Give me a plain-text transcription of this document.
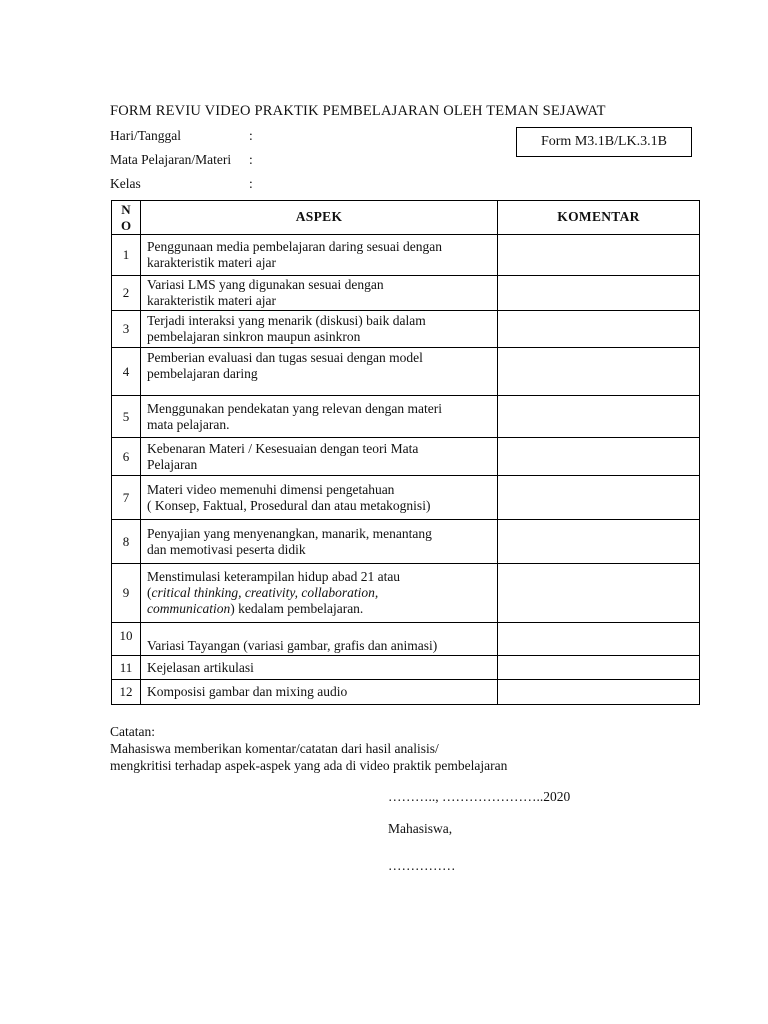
FORM REVIU VIDEO PRAKTIK PEMBELAJARAN OLEH TEMAN SEJAWAT
Hari/Tanggal	:
Mata Pelajaran/Materi :
Kelas	:
Form M3.1B/LK.3.1B
N
O	ASPEK	KOMENTAR
1	Penggunaan media pembelajaran daring sesuai dengan
karakteristik materi ajar	
2	Variasi LMS yang digunakan sesuai dengan
karakteristik materi ajar	
3	Terjadi interaksi yang menarik (diskusi) baik dalam
pembelajaran sinkron maupun asinkron	
4	Pemberian evaluasi dan tugas sesuai dengan model
pembelajaran daring	
5	Menggunakan pendekatan yang relevan dengan materi
mata pelajaran.	
6	Kebenaran Materi / Kesesuaian dengan teori Mata
Pelajaran	
7	Materi video memenuhi dimensi pengetahuan
( Konsep, Faktual, Prosedural dan atau metakognisi)	
8	Penyajian yang menyenangkan, manarik, menantang
dan memotivasi peserta didik	
9	Menstimulasi keterampilan hidup abad 21 atau
(critical thinking, creativity, collaboration,
communication) kedalam pembelajaran.	
10	Variasi Tayangan (variasi gambar, grafis dan animasi)	
11	Kejelasan artikulasi	
12	Komposisi gambar dan mixing audio	
Catatan:
Mahasiswa memberikan komentar/catatan dari hasil analisis/
mengkritisi terhadap aspek-aspek yang ada di video praktik pembelajaran
……….., …………………..2020
Mahasiswa,
……………
